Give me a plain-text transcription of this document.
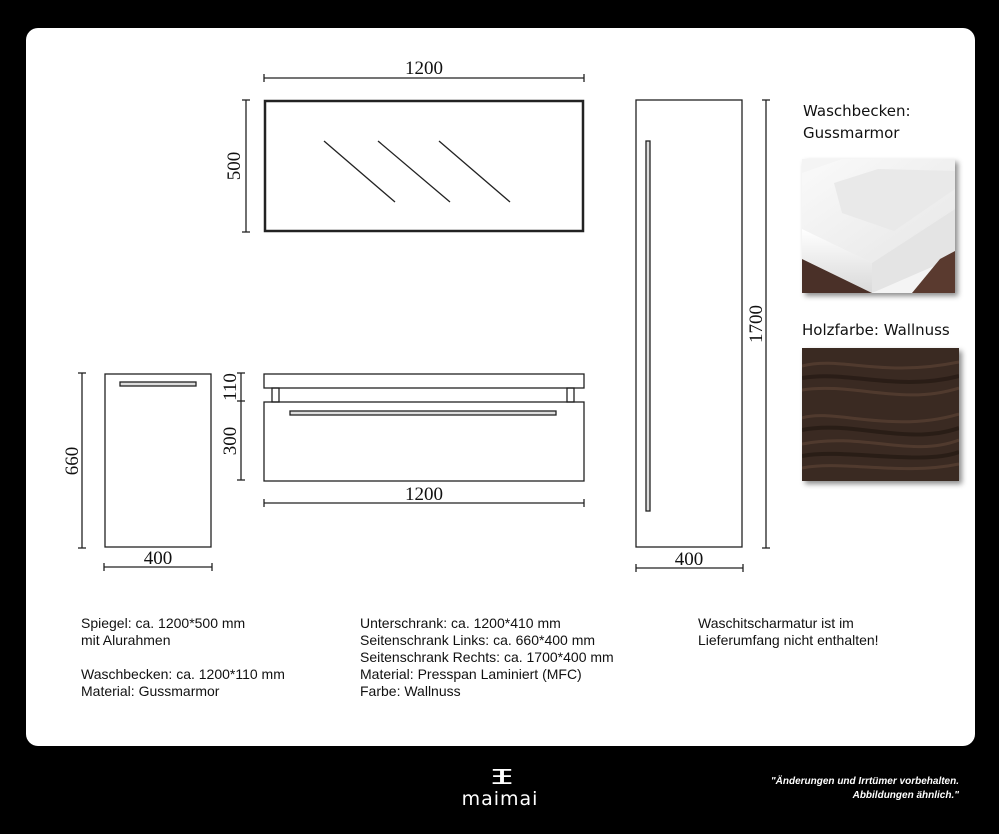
1200
500
660
400
110
300
1200
1700
400
Waschbecken:
Gussmarmor
Holzfarbe: Wallnuss
Spiegel: ca. 1200*500 mm
mit Alurahmen
Waschbecken: ca. 1200*110 mm
Material: Gussmarmor
Unterschrank: ca. 1200*410 mm
Seitenschrank Links: ca. 660*400 mm
Seitenschrank Rechts: ca. 1700*400 mm
Material: Presspan Laminiert (MFC)
Farbe: Wallnuss
Waschitscharmatur ist im
Lieferumfang nicht enthalten!
ƎE
maimai
"Änderungen und Irrtümer vorbehalten.
Abbildungen ähnlich."
